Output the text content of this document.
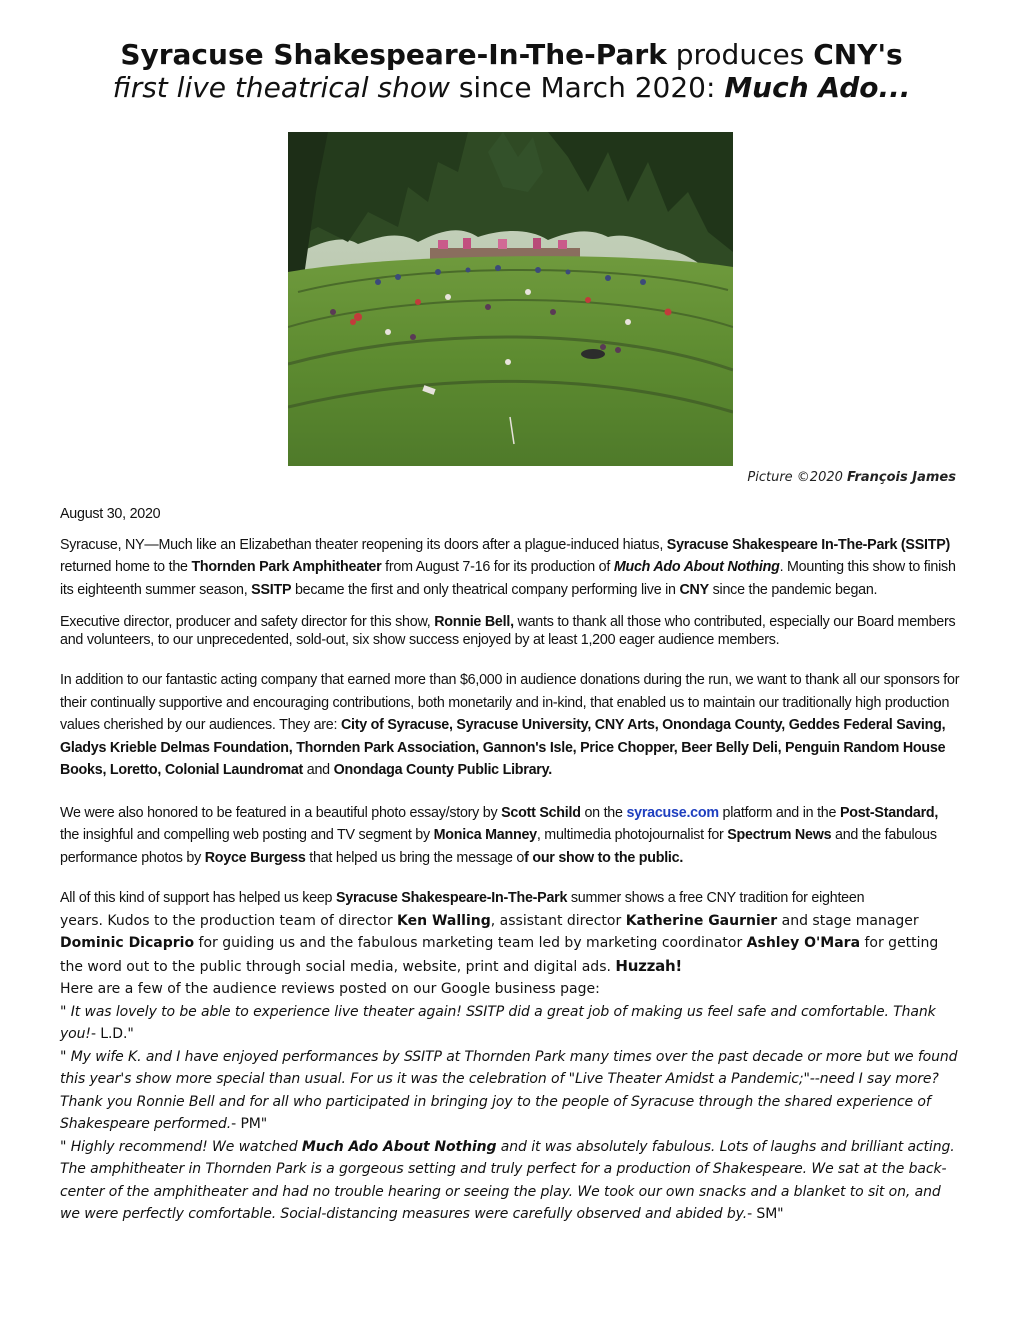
Syracuse Shakespeare-In-The-Park produces CNY's
first live theatrical show since March 2020: Much Ado...
Picture ©2020 François James

August 30, 2020

Syracuse, NY—Much like an Elizabethan theater reopening its doors after a plague-induced hiatus, Syracuse Shakespeare In-The-Park (SSITP) returned home to the Thornden Park Amphitheater from August 7-16 for its production of Much Ado About Nothing. Mounting this show to finish its eighteenth summer season, SSITP became the first and only theatrical company performing live in CNY since the pandemic began.

Executive director, producer and safety director for this show, Ronnie Bell, wants to thank all those who contributed, especially our Board members and volunteers, to our unprecedented, sold-out, six show success enjoyed by at least 1,200 eager audience members.

In addition to our fantastic acting company that earned more than $6,000 in audience donations during the run, we want to thank all our sponsors for their continually supportive and encouraging contributions, both monetarily and in-kind, that enabled us to maintain our traditionally high production values cherished by our audiences. They are: City of Syracuse, Syracuse University, CNY Arts, Onondaga County, Geddes Federal Saving, Gladys Krieble Delmas Foundation, Thornden Park Association, Gannon's Isle, Price Chopper, Beer Belly Deli, Penguin Random House Books, Loretto, Colonial Laundromat and Onondaga County Public Library.

We were also honored to be featured in a beautiful photo essay/story by Scott Schild on the syracuse.com platform and in the Post-Standard, the insighful and compelling web posting and TV segment by Monica Manney, multimedia photojournalist for Spectrum News and the fabulous performance photos by Royce Burgess that helped us bring the message of our show to the public.

All of this kind of support has helped us keep Syracuse Shakespeare-In-The-Park summer shows a free CNY tradition for eighteen
years. Kudos to the production team of director Ken Walling, assistant director Katherine Gaurnier and stage manager Dominic Dicaprio for guiding us and the fabulous marketing team led by marketing coordinator Ashley O'Mara for getting the word out to the public through social media, website, print and digital ads. Huzzah!
Here are a few of the audience reviews posted on our Google business page:

" It was lovely to be able to experience live theater again! SSITP did a great job of making us feel safe and comfortable. Thank you!- L.D."

" My wife K. and I have enjoyed performances by SSITP at Thornden Park many times over the past decade or more but we found this year's show more special than usual. For us it was the celebration of "Live Theater Amidst a Pandemic;"--need I say more? Thank you Ronnie Bell and for all who participated in bringing joy to the people of Syracuse through the shared experience of Shakespeare performed.- PM"

" Highly recommend! We watched Much Ado About Nothing and it was absolutely fabulous. Lots of laughs and brilliant acting. The amphitheater in Thornden Park is a gorgeous setting and truly perfect for a production of Shakespeare. We sat at the back-center of the amphitheater and had no trouble hearing or seeing the play. We took our own snacks and a blanket to sit on, and we were perfectly comfortable. Social-distancing measures were carefully observed and abided by.- SM"
